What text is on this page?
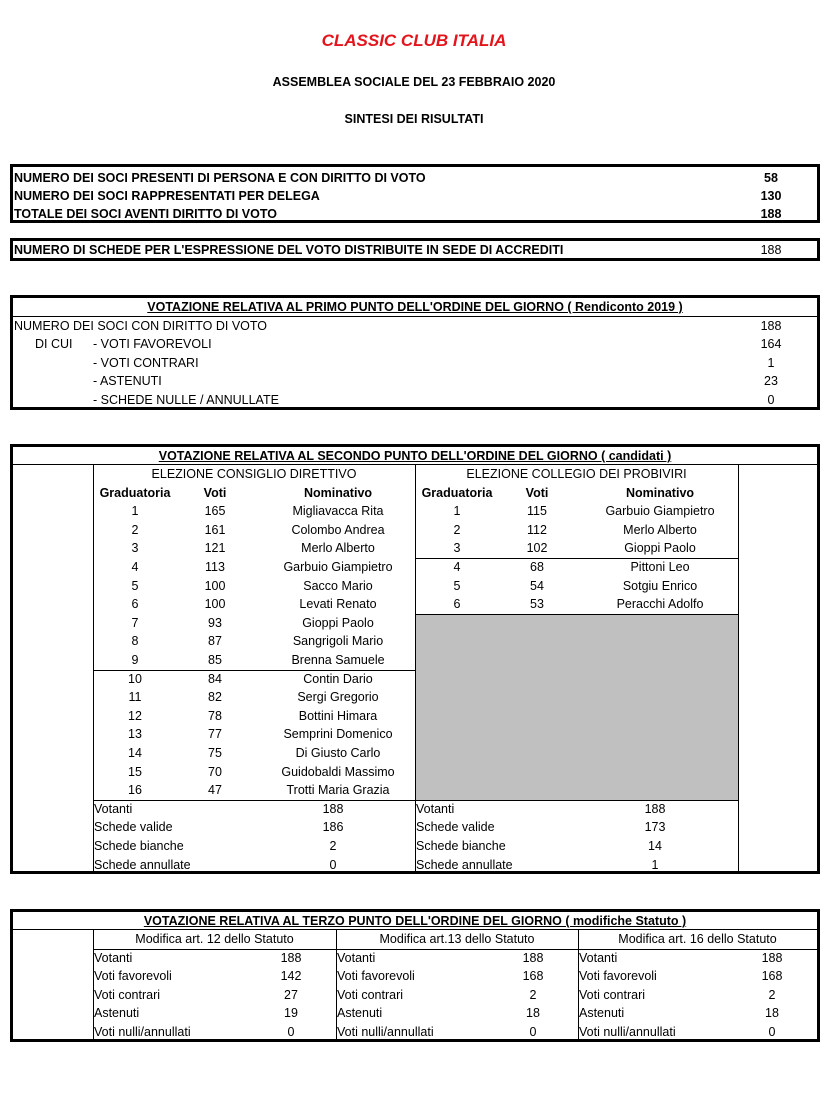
CLASSIC CLUB ITALIA
ASSEMBLEA SOCIALE DEL 23 FEBBRAIO 2020
SINTESI DEI RISULTATI
NUMERO DEI SOCI PRESENTI DI PERSONA E CON DIRITTO DI VOTO	58
NUMERO DEI SOCI RAPPRESENTATI PER DELEGA	130
TOTALE DEI SOCI AVENTI DIRITTO DI VOTO	188
NUMERO DI SCHEDE PER L'ESPRESSIONE DEL VOTO DISTRIBUITE IN SEDE DI ACCREDITI	188
VOTAZIONE RELATIVA AL PRIMO PUNTO DELL'ORDINE DEL GIORNO ( Rendiconto 2019 )
NUMERO DEI SOCI CON DIRITTO DI VOTO	188
DI CUI - VOTI FAVOREVOLI	164
- VOTI CONTRARI	1
- ASTENUTI	23
- SCHEDE NULLE / ANNULLATE	0
VOTAZIONE RELATIVA AL SECONDO PUNTO DELL'ORDINE DEL GIORNO ( candidati )
ELEZIONE CONSIGLIO DIRETTIVO	ELEZIONE COLLEGIO DEI PROBIVIRI
Graduatoria	Voti	Nominativo
1	165	Migliavacca Rita
2	161	Colombo Andrea
3	121	Merlo Alberto
4	113	Garbuio Giampietro
5	100	Sacco Mario
6	100	Levati Renato
7	93	Gioppi Paolo
8	87	Sangrigoli Mario
9	85	Brenna Samuele
10	84	Contin Dario
11	82	Sergi Gregorio
12	78	Bottini Himara
13	77	Semprini Domenico
14	75	Di Giusto Carlo
15	70	Guidobaldi Massimo
16	47	Trotti Maria Grazia
Votanti	188
Schede valide	186
Schede bianche	2
Schede annullate	0
Graduatoria	Voti	Nominativo
1	115	Garbuio Giampietro
2	112	Merlo Alberto
3	102	Gioppi Paolo
4	68	Pittoni Leo
5	54	Sotgiu Enrico
6	53	Peracchi Adolfo
Votanti	188
Schede valide	173
Schede bianche	14
Schede annullate	1
VOTAZIONE RELATIVA AL TERZO PUNTO DELL'ORDINE DEL GIORNO ( modifiche Statuto )
Modifica art. 12 dello Statuto
Votanti	188
Voti favorevoli	142
Voti contrari	27
Astenuti	19
Voti nulli/annullati	0
Modifica art.13 dello Statuto
Votanti	188
Voti favorevoli	168
Voti contrari	2
Astenuti	18
Voti nulli/annullati	0
Modifica art. 16 dello Statuto
Votanti	188
Voti favorevoli	168
Voti contrari	2
Astenuti	18
Voti nulli/annullati	0
